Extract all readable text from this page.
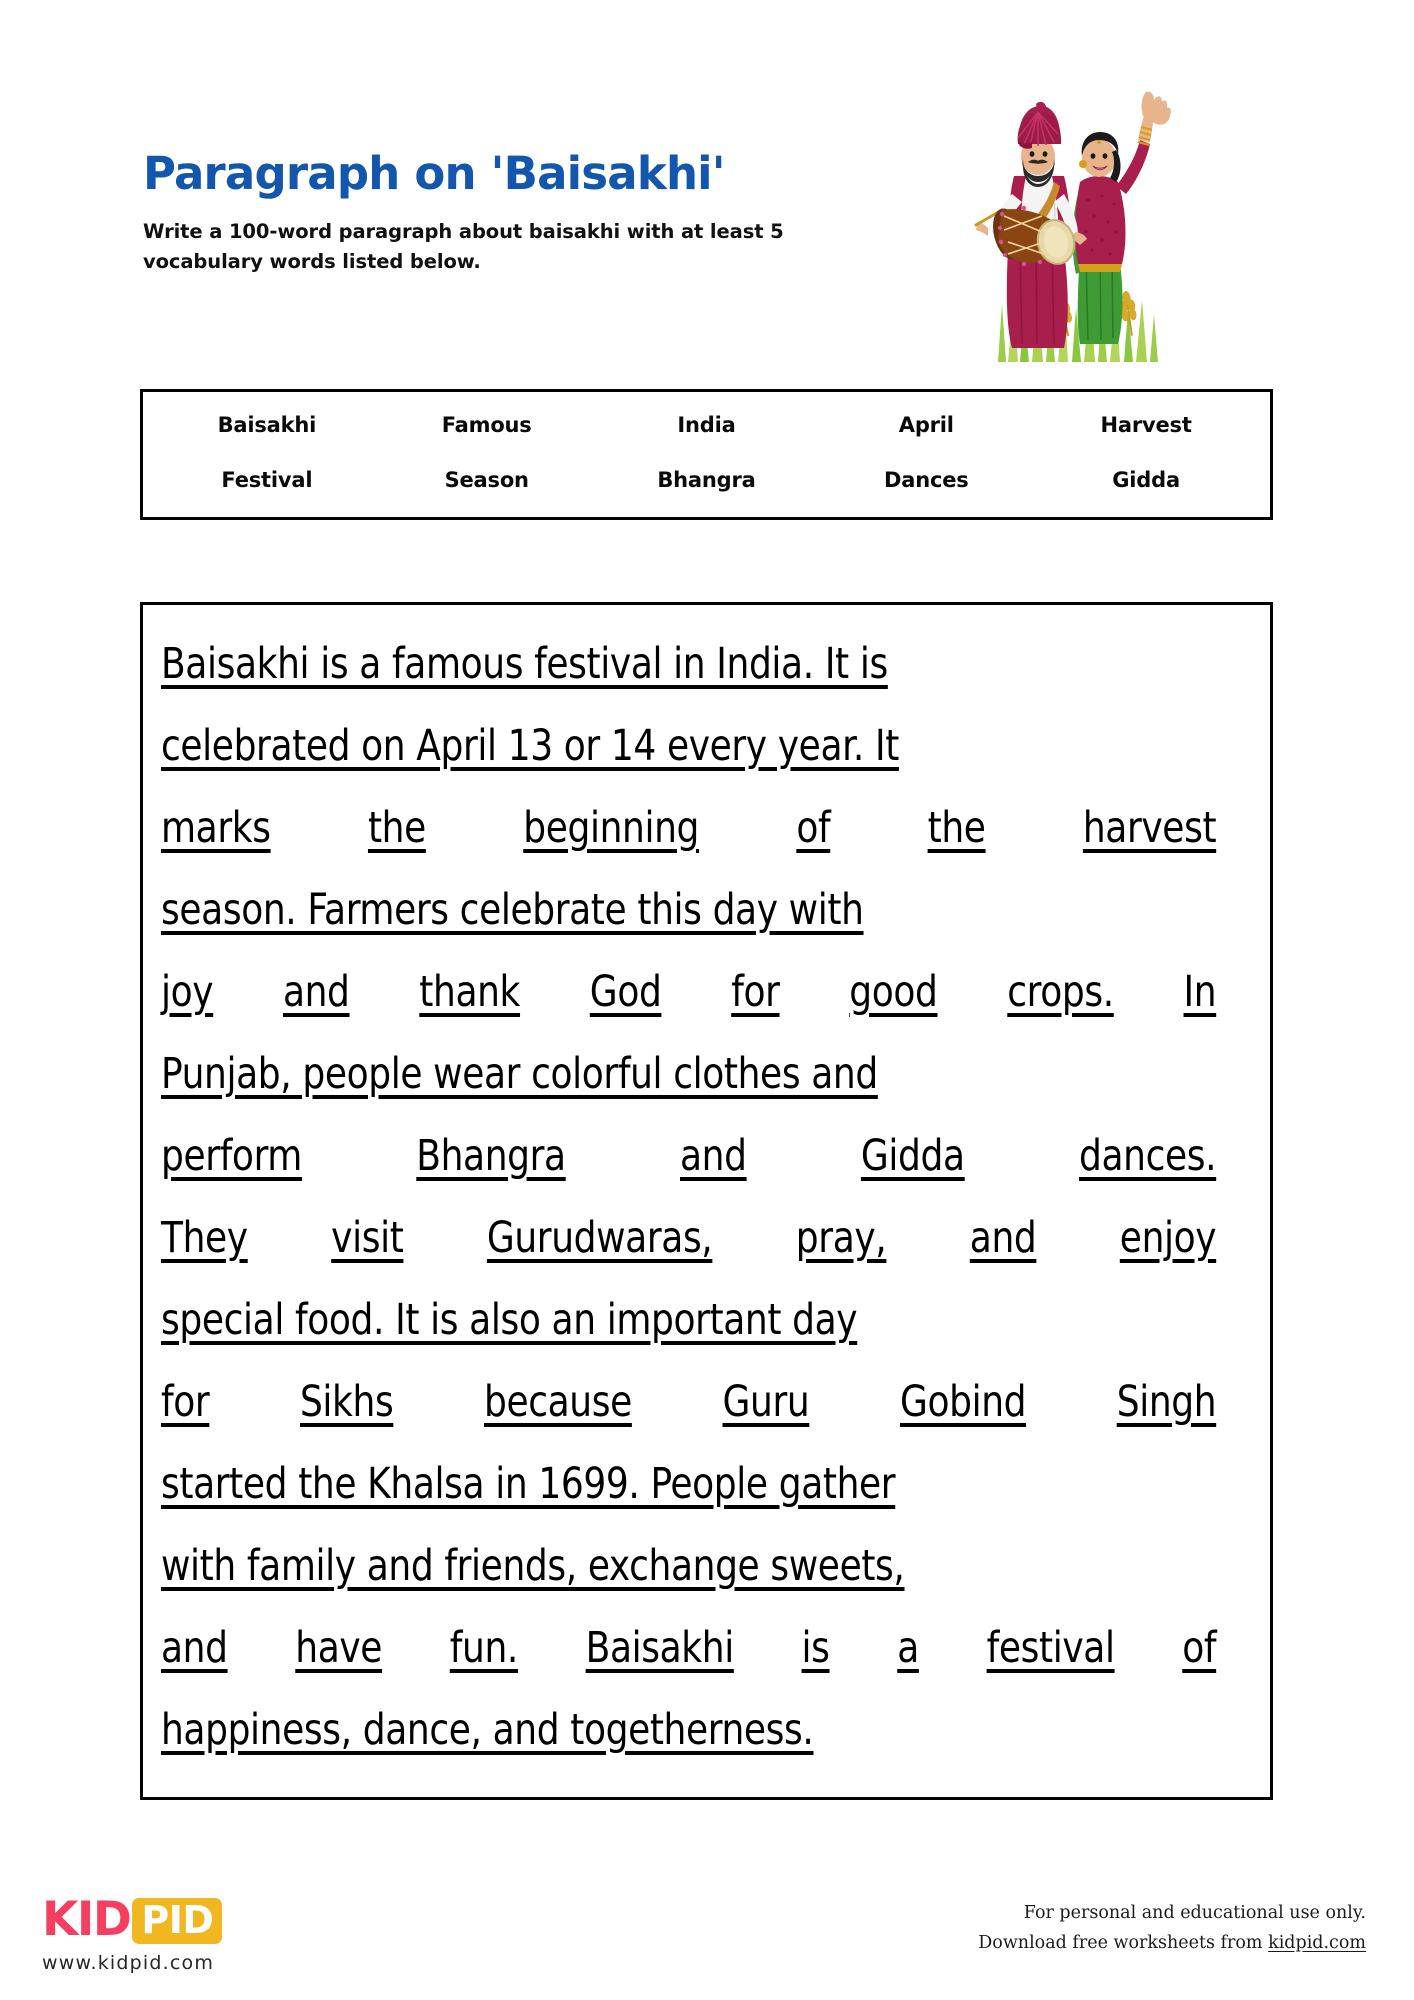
Paragraph on 'Baisakhi'
Write a 100-word paragraph about baisakhi with at least 5 vocabulary words listed below.
Baisakhi	Famous	India	April	Harvest
Festival	Season	Bhangra	Dances	Gidda
Baisakhi is a famous festival in India. It is
celebrated on April 13 or 14 every year. It
marks the beginning of the harvest
season. Farmers celebrate this day with
joy and thank God for good crops. In
Punjab, people wear colorful clothes and
perform	Bhangra	and	Gidda	dances.
They visit Gurudwaras, pray, and enjoy
special food. It is also an important day
for Sikhs because Guru Gobind Singh
started the Khalsa in 1699. People gather
with family and friends, exchange sweets,
and have fun. Baisakhi is a festival of
happiness, dance, and togetherness.
KID PID
www.kidpid.com
For personal and educational use only.
Download free worksheets from kidpid.com
